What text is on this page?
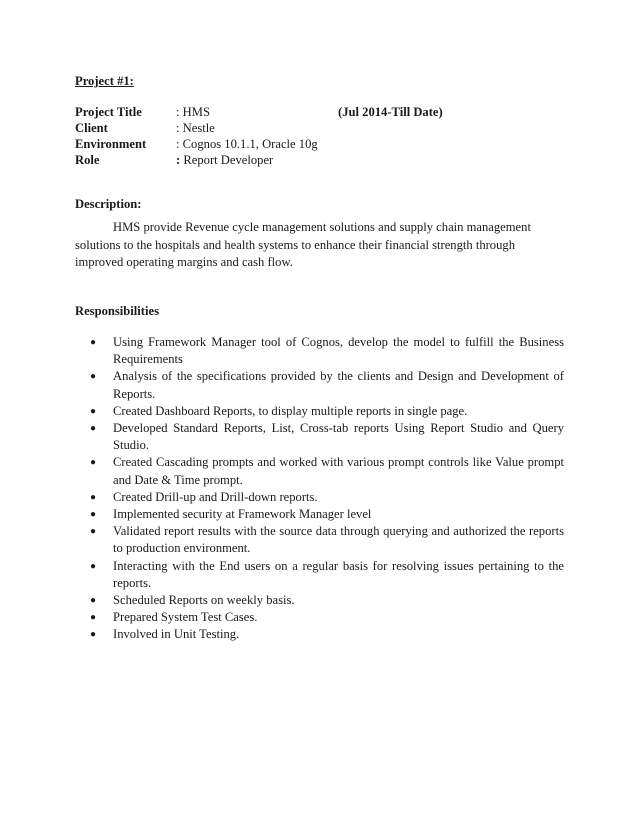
Project #1:
Project Title	: HMS	(Jul 2014-Till Date)
Client	: Nestle
Environment : Cognos 10.1.1, Oracle 10g
Role	: Report Developer
Description:
HMS provide Revenue cycle management solutions and supply chain management
solutions to the hospitals and health systems to enhance their financial strength through
improved operating margins and cash flow.
Responsibilities
● Using Framework Manager tool of Cognos, develop the model to fulfill the Business Requirements
● Analysis of the specifications provided by the clients and Design and Development of Reports.
● Created Dashboard Reports, to display multiple reports in single page.
● Developed Standard Reports, List, Cross-tab reports Using Report Studio and Query Studio.
● Created Cascading prompts and worked with various prompt controls like Value prompt and Date & Time prompt.
● Created Drill-up and Drill-down reports.
● Implemented security at Framework Manager level
● Validated report results with the source data through querying and authorized the reports to production environment.
● Interacting with the End users on a regular basis for resolving issues pertaining to the reports.
● Scheduled Reports on weekly basis.
● Prepared System Test Cases.
● Involved in Unit Testing.
